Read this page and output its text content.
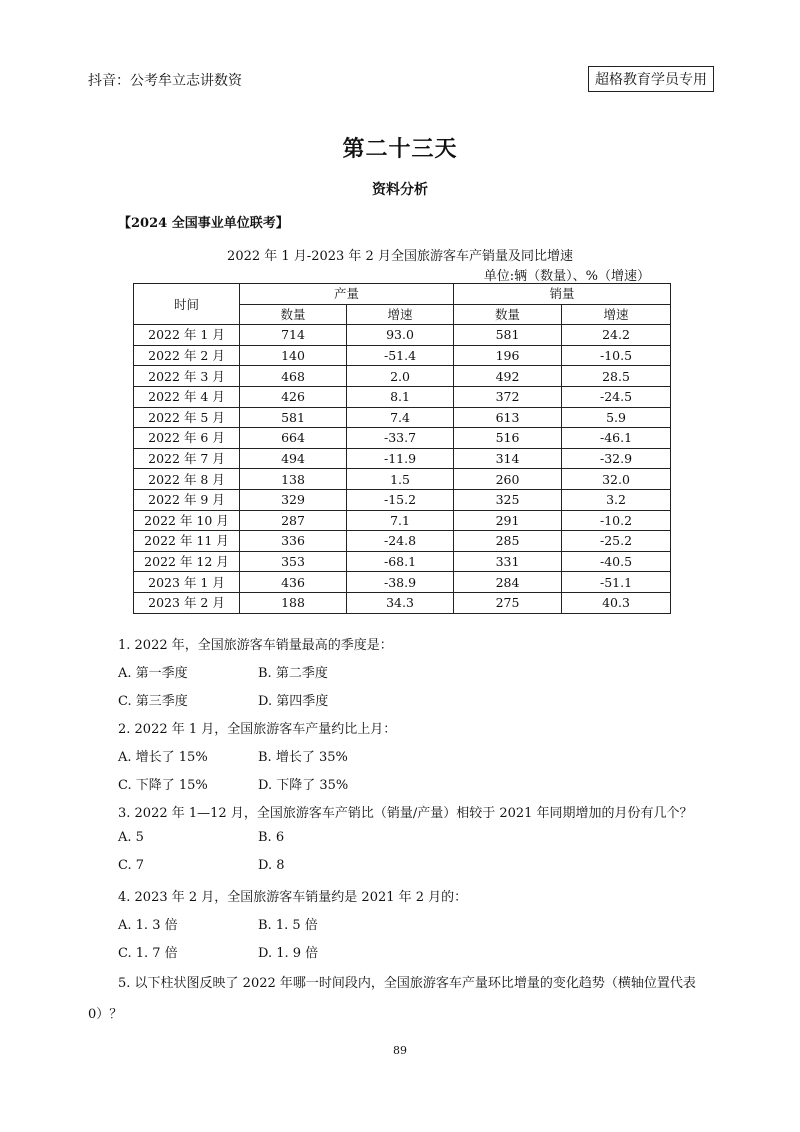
抖音：公考牟立志讲数资	超格教育学员专用
第二十三天
资料分析
【2024 全国事业单位联考】
2022 年 1 月-2023 年 2 月全国旅游客车产销量及同比增速
单位:辆（数量）、%（增速）
时间	产量		销量	
	数量	增速	数量	增速
2022 年 1 月	714	93.0	581	24.2
2022 年 2 月	140	-51.4	196	-10.5
2022 年 3 月	468	2.0	492	28.5
2022 年 4 月	426	8.1	372	-24.5
2022 年 5 月	581	7.4	613	5.9
2022 年 6 月	664	-33.7	516	-46.1
2022 年 7 月	494	-11.9	314	-32.9
2022 年 8 月	138	1.5	260	32.0
2022 年 9 月	329	-15.2	325	3.2
2022 年 10 月	287	7.1	291	-10.2
2022 年 11 月	336	-24.8	285	-25.2
2022 年 12 月	353	-68.1	331	-40.5
2023 年 1 月	436	-38.9	284	-51.1
2023 年 2 月	188	34.3	275	40.3
1. 2022 年，全国旅游客车销量最高的季度是：
A. 第一季度	B. 第二季度
C. 第三季度	D. 第四季度
2. 2022 年 1 月，全国旅游客车产量约比上月：
A. 增长了 15%	B. 增长了 35%
C. 下降了 15%	D. 下降了 35%
3. 2022 年 1—12 月，全国旅游客车产销比（销量/产量）相较于 2021 年同期增加的月份有几个？
A. 5	B. 6
C. 7	D. 8
4. 2023 年 2 月，全国旅游客车销量约是 2021 年 2 月的：
A. 1. 3 倍	B. 1. 5 倍
C. 1. 7 倍	D. 1. 9 倍
5. 以下柱状图反映了 2022 年哪一时间段内，全国旅游客车产量环比增量的变化趋势（横轴位置代表
0）？
89
